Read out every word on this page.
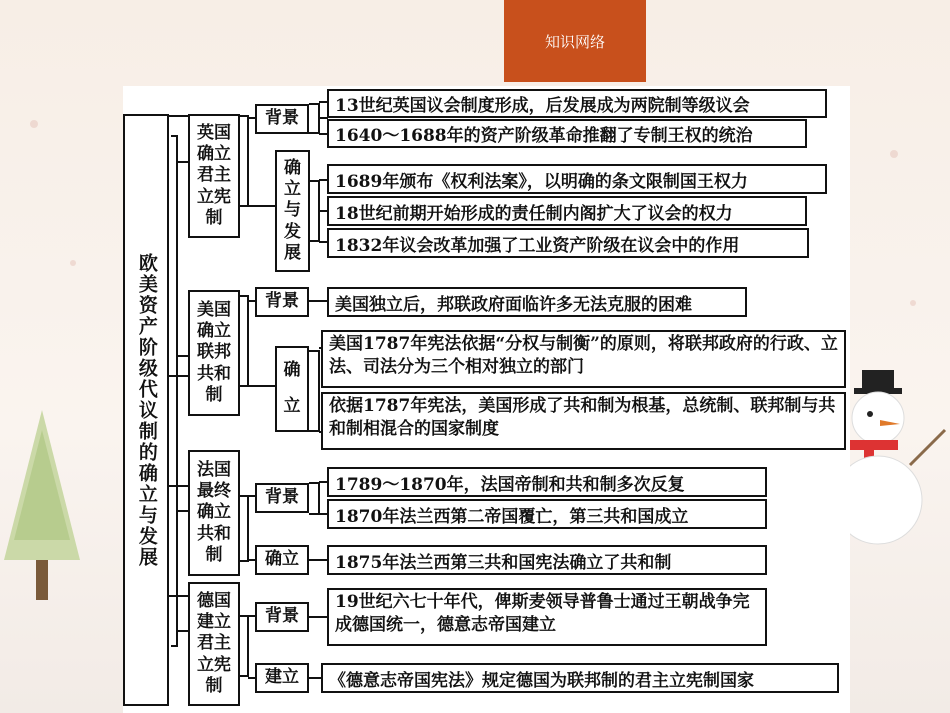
知识网络
欧美资产阶级代议制的确立与发展
英国确立君主立宪制
背景
13世纪英国议会制度形成，后发展成为两院制等级议会
1640～1688年的资产阶级革命推翻了专制王权的统治
确立与发展
1689年颁布《权利法案》，以明确的条文限制国王权力
18世纪前期开始形成的责任制内阁扩大了议会的权力
1832年议会改革加强了工业资产阶级在议会中的作用
美国确立联邦共和制
背景 美国独立后，邦联政府面临许多无法克服的困难
确立
美国1787年宪法依据“分权与制衡”的原则，将联邦政府的行政、立法、司法分为三个相对独立的部门
依据1787年宪法，美国形成了共和制为根基，总统制、联邦制与共和制相混合的国家制度
法国最终确立共和制
背景
1789～1870年，法国帝制和共和制多次反复
1870年法兰西第二帝国覆亡，第三共和国成立
确立 1875年法兰西第三共和国宪法确立了共和制
德国建立君主立宪制
背景
19世纪六七十年代，俾斯麦领导普鲁士通过王朝战争完成德国统一，德意志帝国建立
建立 《德意志帝国宪法》规定德国为联邦制的君主立宪制国家
